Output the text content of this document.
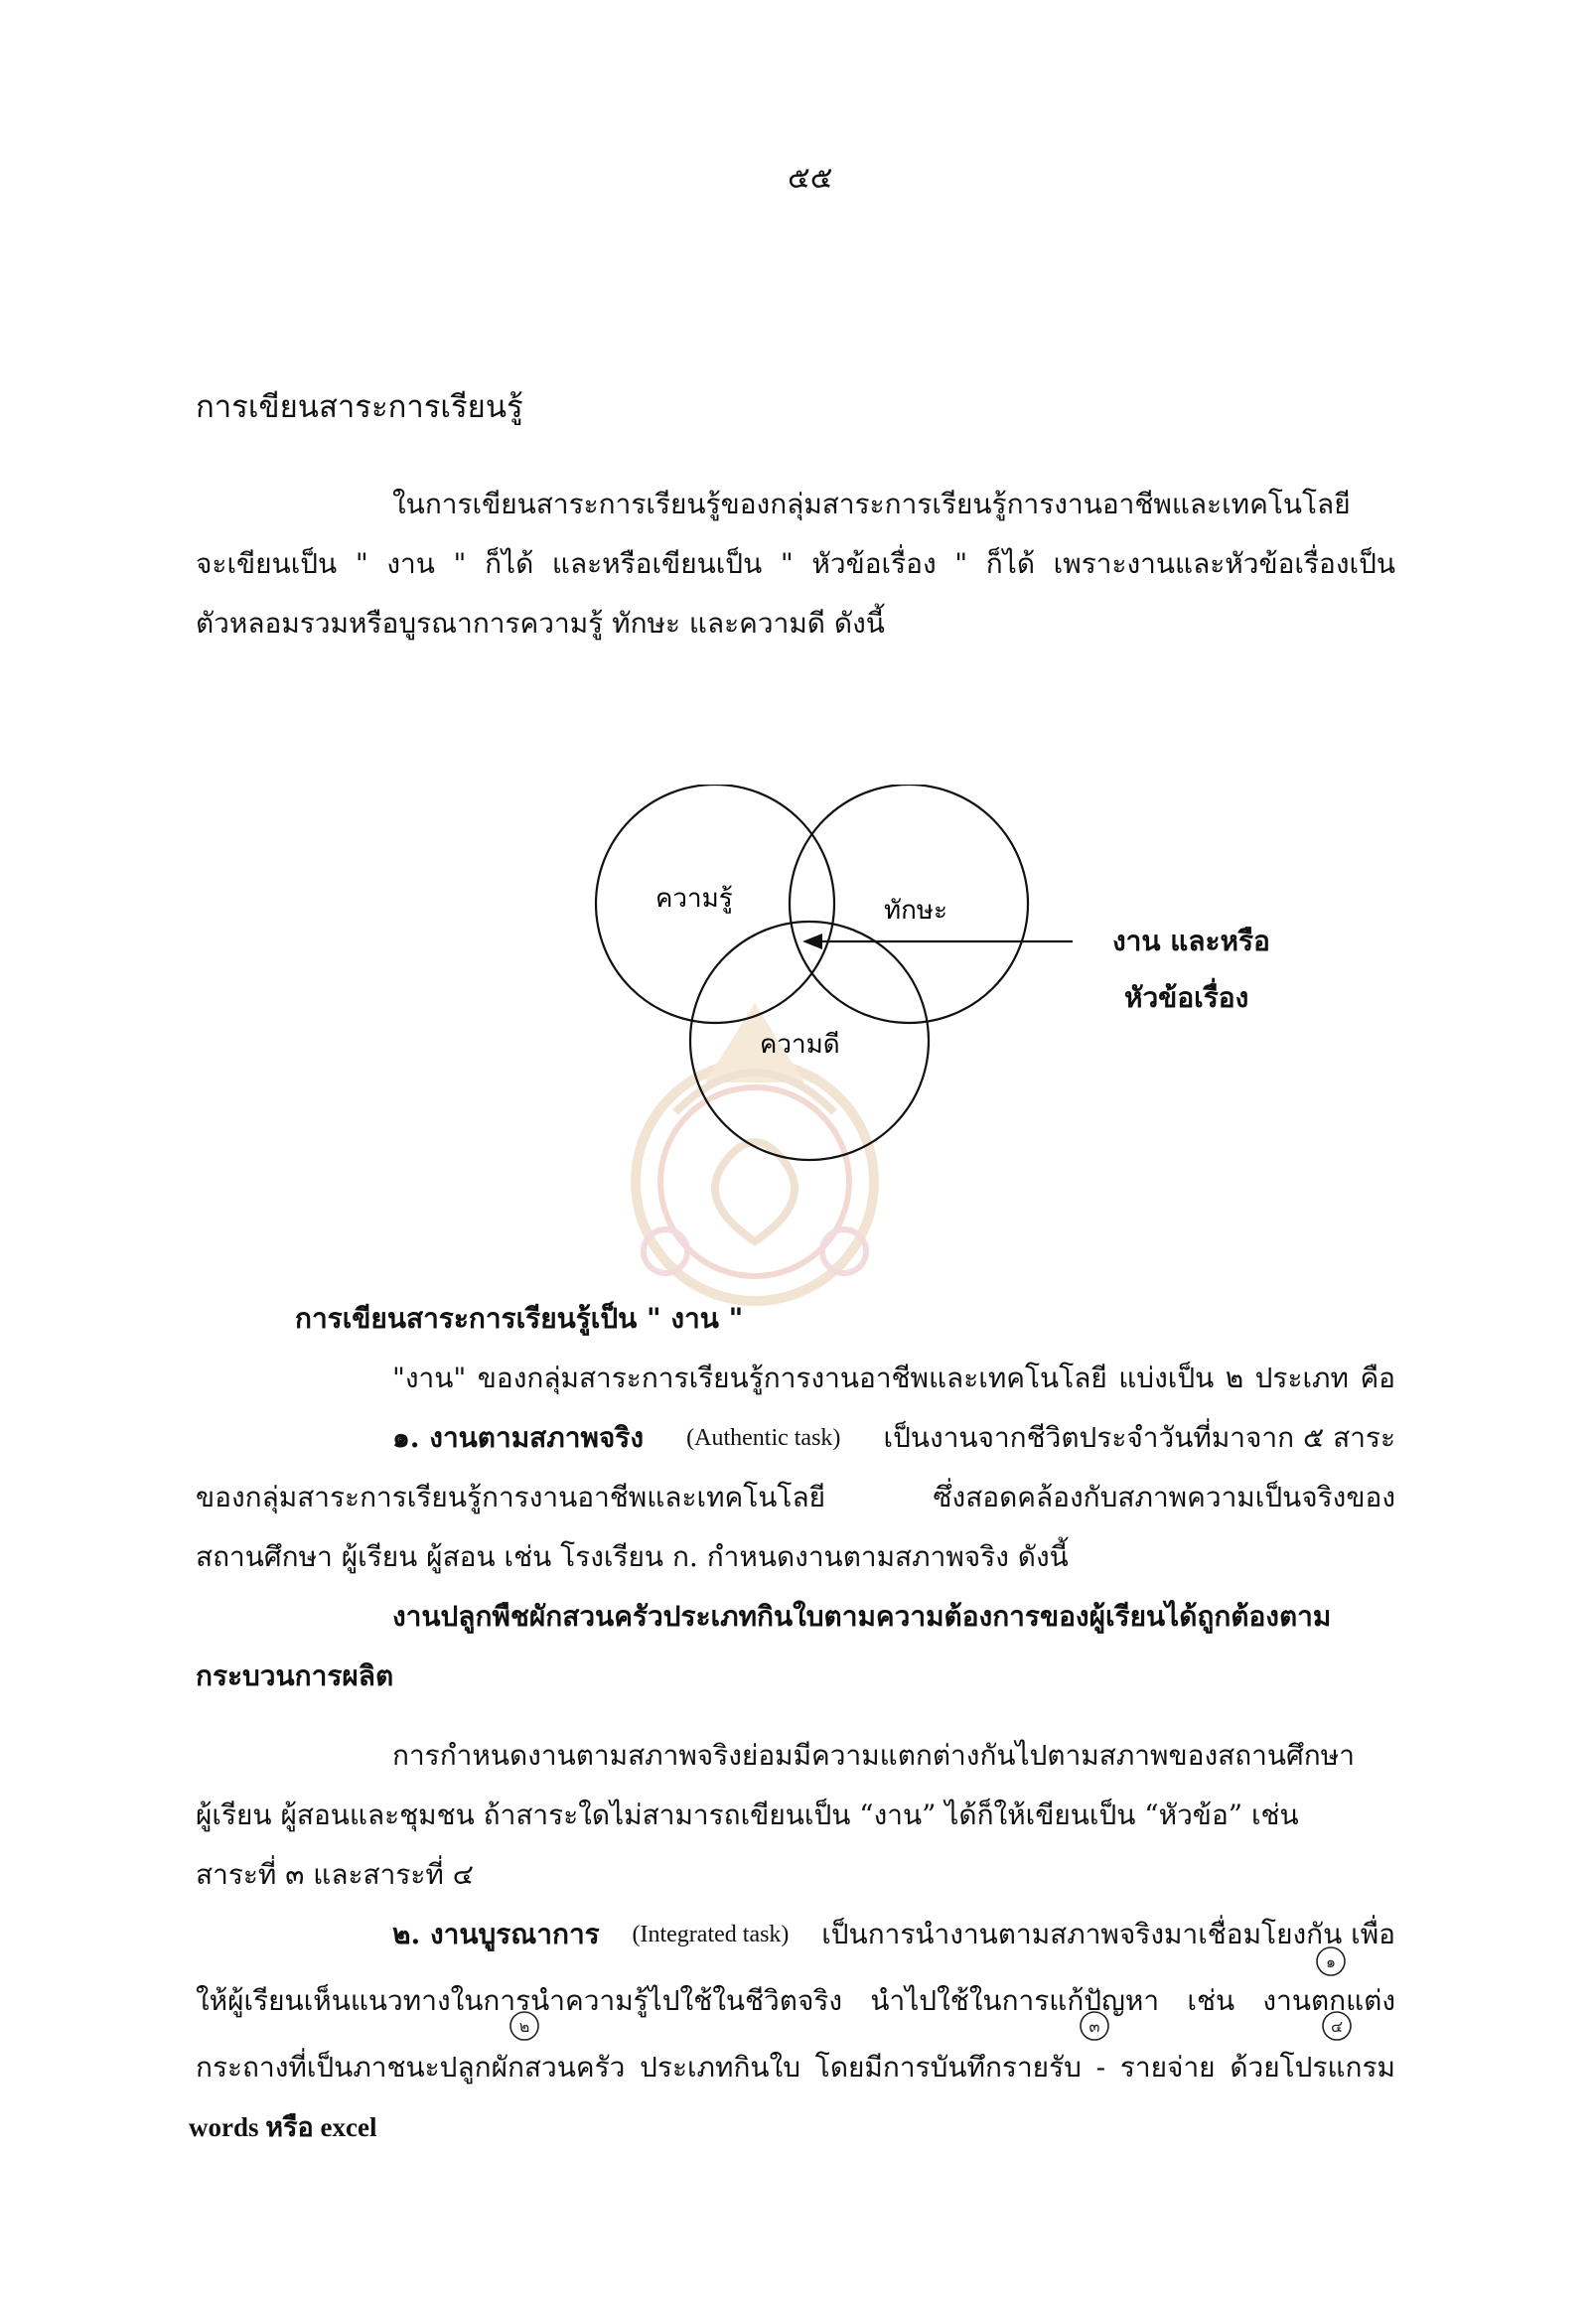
๕๕
การเขียนสาระการเรียนรู้
ในการเขียนสาระการเรียนรู้ของกลุ่มสาระการเรียนรู้การงานอาชีพและเทคโนโลยี
จะเขียนเป็น " งาน " ก็ได้ และหรือเขียนเป็น " หัวข้อเรื่อง " ก็ได้ เพราะงานและหัวข้อเรื่องเป็น
ตัวหลอมรวมหรือบูรณาการความรู้ ทักษะ และความดี ดังนี้
ความรู้	ทักษะ
ความดี
งาน และหรือ
หัวข้อเรื่อง
การเขียนสาระการเรียนรู้เป็น " งาน "
"งาน" ของกลุ่มสาระการเรียนรู้การงานอาชีพและเทคโนโลยี แบ่งเป็น ๒ ประเภท คือ
๑. งานตามสภาพจริง (Authentic task) เป็นงานจากชีวิตประจำวันที่มาจาก ๕ สาระ
ของกลุ่มสาระการเรียนรู้การงานอาชีพและเทคโนโลยี ซึ่งสอดคล้องกับสภาพความเป็นจริงของ
สถานศึกษา ผู้เรียน ผู้สอน เช่น โรงเรียน ก. กำหนดงานตามสภาพจริง ดังนี้
งานปลูกพืชผักสวนครัวประเภทกินใบตามความต้องการของผู้เรียนได้ถูกต้องตาม
กระบวนการผลิต
การกำหนดงานตามสภาพจริงย่อมมีความแตกต่างกันไปตามสภาพของสถานศึกษา
ผู้เรียน ผู้สอนและชุมชน ถ้าสาระใดไม่สามารถเขียนเป็น “งาน” ได้ก็ให้เขียนเป็น “หัวข้อ” เช่น
สาระที่ ๓ และสาระที่ ๔
๒. งานบูรณาการ (Integrated task) เป็นการนำงานตามสภาพจริงมาเชื่อมโยงกัน เพื่อ
ให้ผู้เรียนเห็นแนวทางในการนำความรู้ไปใช้ในชีวิตจริง นำไปใช้ในการแก้ปัญหา เช่น งานตกแต่ง
กระถางที่เป็นภาชนะปลูกผักสวนครัว ประเภทกินใบ โดยมีการบันทึกรายรับ - รายจ่าย ด้วยโปรแกรม
words หรือ excel
๑
๒	๓	๔
